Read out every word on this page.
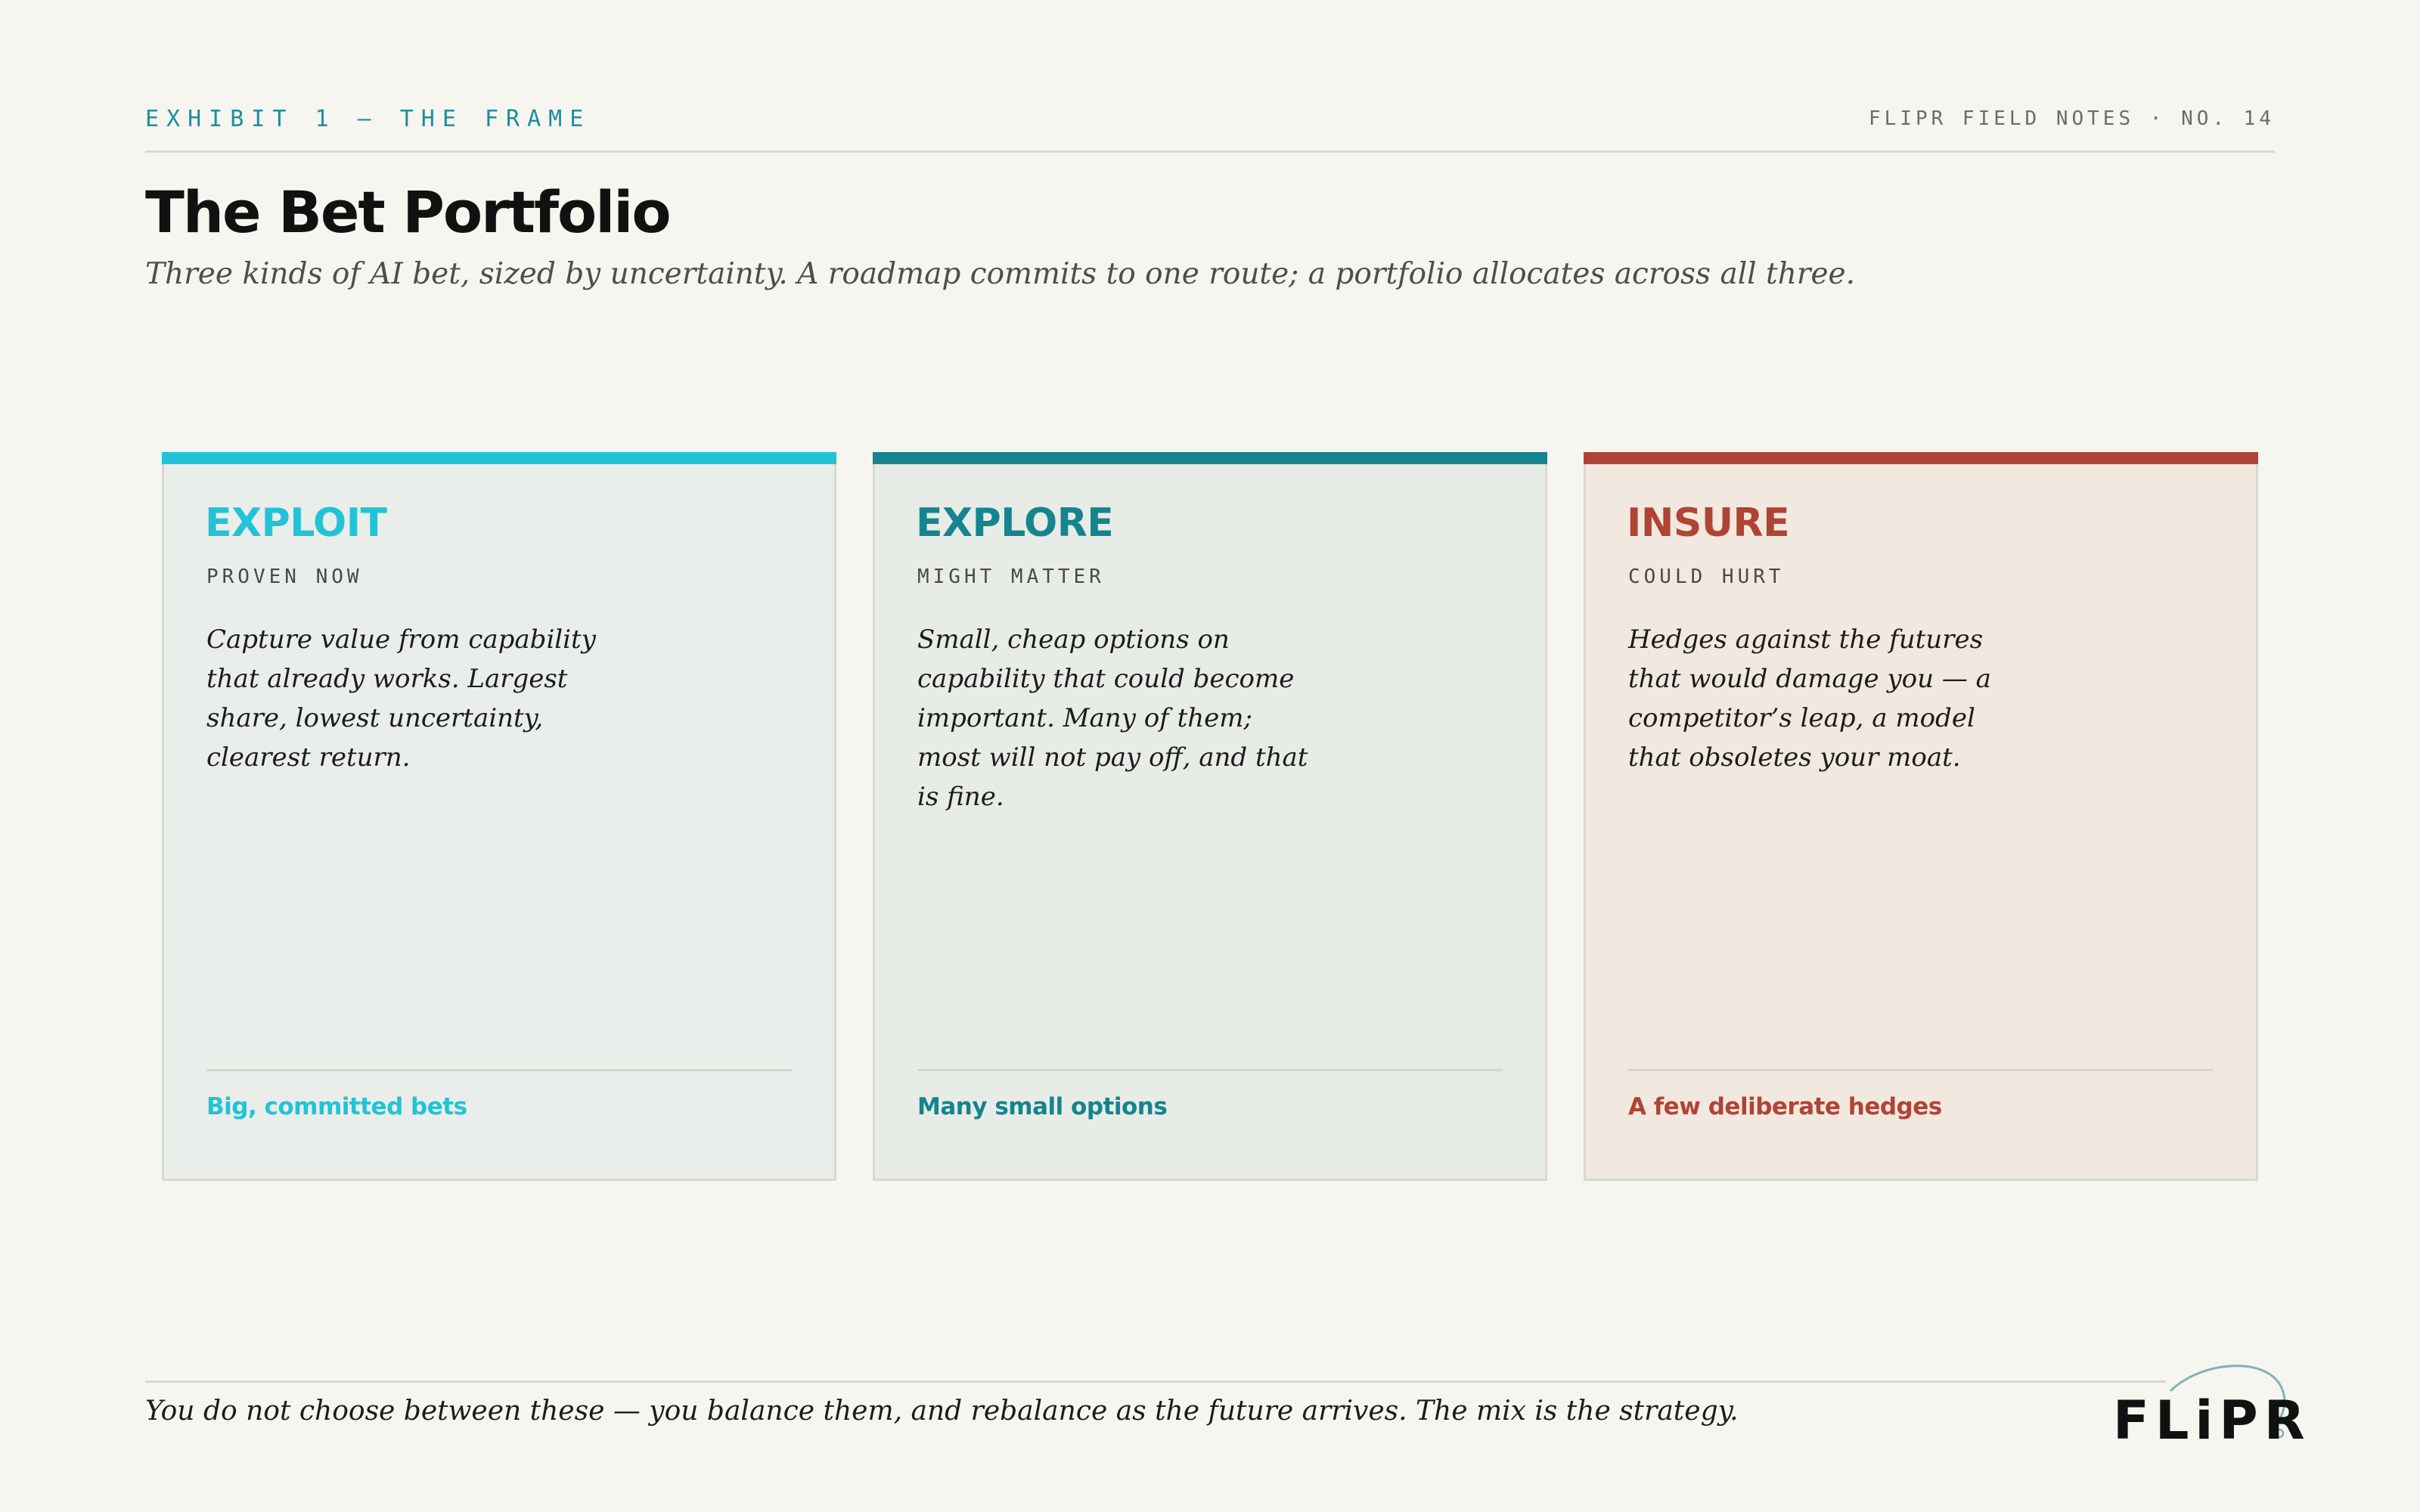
EXHIBIT 1 — THE FRAME	FLIPR FIELD NOTES · NO. 14
The Bet Portfolio

Three kinds of AI bet, sized by uncertainty. A roadmap commits to one route; a portfolio allocates across all three.

EXPLOIT
PROVEN NOW
Capture value from capability that already works. Largest share, lowest uncertainty, clearest return.
Big, committed bets
EXPLORE
MIGHT MATTER
Small, cheap options on capability that could become important. Many of them; most will not pay off, and that is fine.
Many small options
INSURE
COULD HURT
Hedges against the futures that would damage you — a competitor’s leap, a model that obsoletes your moat.
A few deliberate hedges

You do not choose between these — you balance them, and rebalance as the future arrives. The mix is the strategy.	FLiPR
